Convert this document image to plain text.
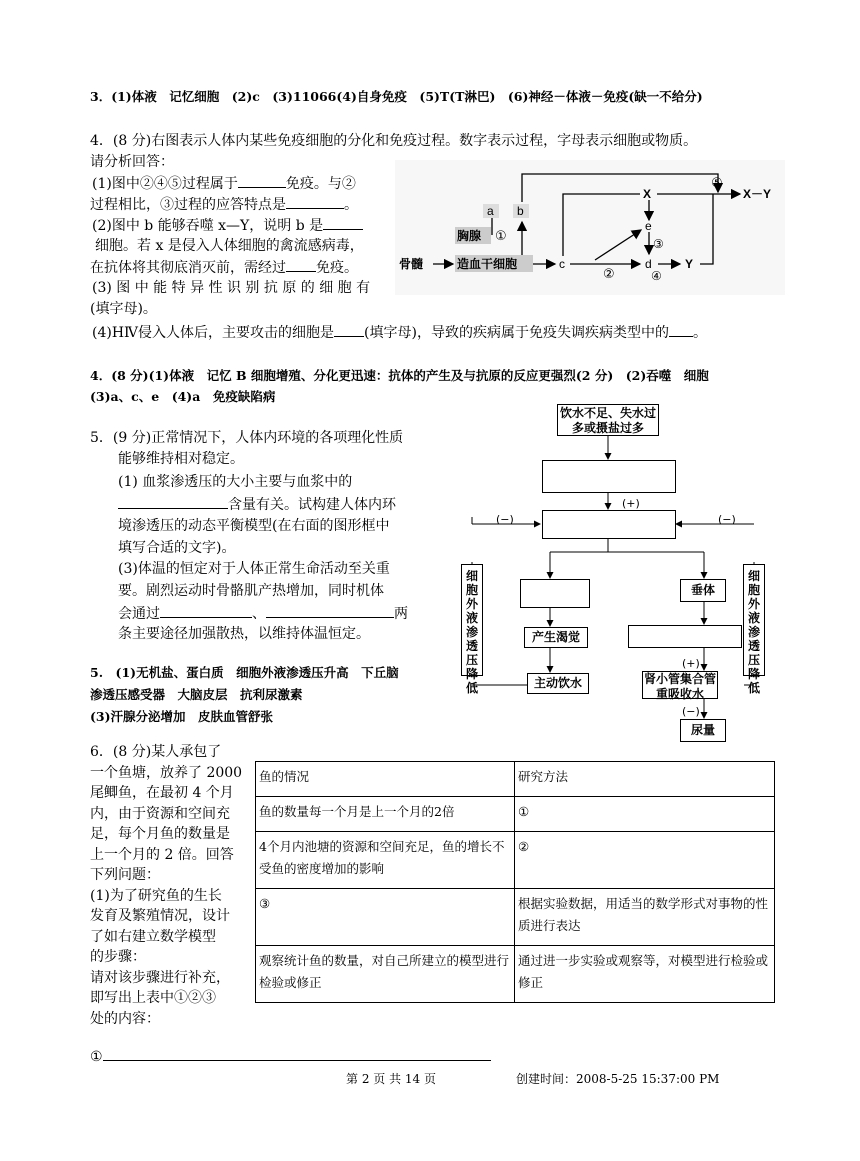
3．(1)体液　记忆细胞　(2)c　(3)11066(4)自身免疫　(5)T(T淋巴)　(6)神经－体液－免疫(缺一不给分)
4．(8 分)右图表示人体内某些免疫细胞的分化和免疫过程。数字表示过程，字母表示细胞或物质。
请分析回答：
(1)图中②④⑤过程属于	免疫。与②
过程相比，③过程的应答特点是	。
(2)图中 b 能够吞噬 x—Y，说明 b 是
细胞。若 x 是侵入人体细胞的禽流感病毒，
在抗体将其彻底消灭前，需经过 免疫。
(3) 图 中 能 特 异 性 识 别 抗 原 的 细 胞 有
(填字母)。
(4)HⅣ侵入人体后，主要攻击的细胞是 (填字母)，导致的疾病属于免疫失调疾病类型中的 。
a b
胸腺 ①
骨髓	造血干细胞	c
②
d	Y
X
e
③
④
⑤
X－Y
4．(8 分)(1)体液　记忆 B 细胞增殖、分化更迅速：抗体的产生及与抗原的反应更强烈(2 分)　(2)吞噬　细胞
(3)a、c、e　(4)a　免疫缺陷病
5．(9 分)正常情况下，人体内环境的各项理化性质
能够维持相对稳定。
(1) 血浆渗透压的大小主要与血浆中的
含量有关。试构建人体内环
境渗透压的动态平衡模型(在右面的图形框中
填写合适的文字)。
(3)体温的恒定对于人体正常生命活动至关重
要。剧烈运动时骨骼肌产热增加，同时机体
会通过	、	两
条主要途径加强散热，以维持体温恒定。
5.　(1)无机盐、蛋白质　细胞外液渗透压升高　下丘脑
渗透压感受器　大脑皮层　抗利尿激素
(3)汗腺分泌增加　皮肤血管舒张
饮水不足、失水过多或摄盐过多
(+)
(−)	(−)
细胞外液渗透压降低
细胞外液渗透压降低
垂体
产生渴觉
(+)
主动饮水	肾小管集合管重吸收水
(−)
尿量
6．(8 分)某人承包了
一个鱼塘，放养了 2000
尾鲫鱼，在最初 4 个月
内，由于资源和空间充
足，每个月鱼的数量是
上一个月的 2 倍。回答
下列问题：
(1)为了研究鱼的生长
发育及繁殖情况，设计
了如右建立数学模型
的步骤：
请对该步骤进行补充，
即写出上表中①②③
处的内容：
①
鱼的情况	研究方法
鱼的数量每一个月是上一个月的2倍	①
4个月内池塘的资源和空间充足，鱼的增长不受鱼的密度增加的影响	②
③	根据实验数据，用适当的数学形式对事物的性质进行表达
观察统计鱼的数量，对自己所建立的模型进行检验或修正	通过进一步实验或观察等，对模型进行检验或修正
第 2 页 共 14 页	创建时间：2008-5-25 15:37:00 PM
